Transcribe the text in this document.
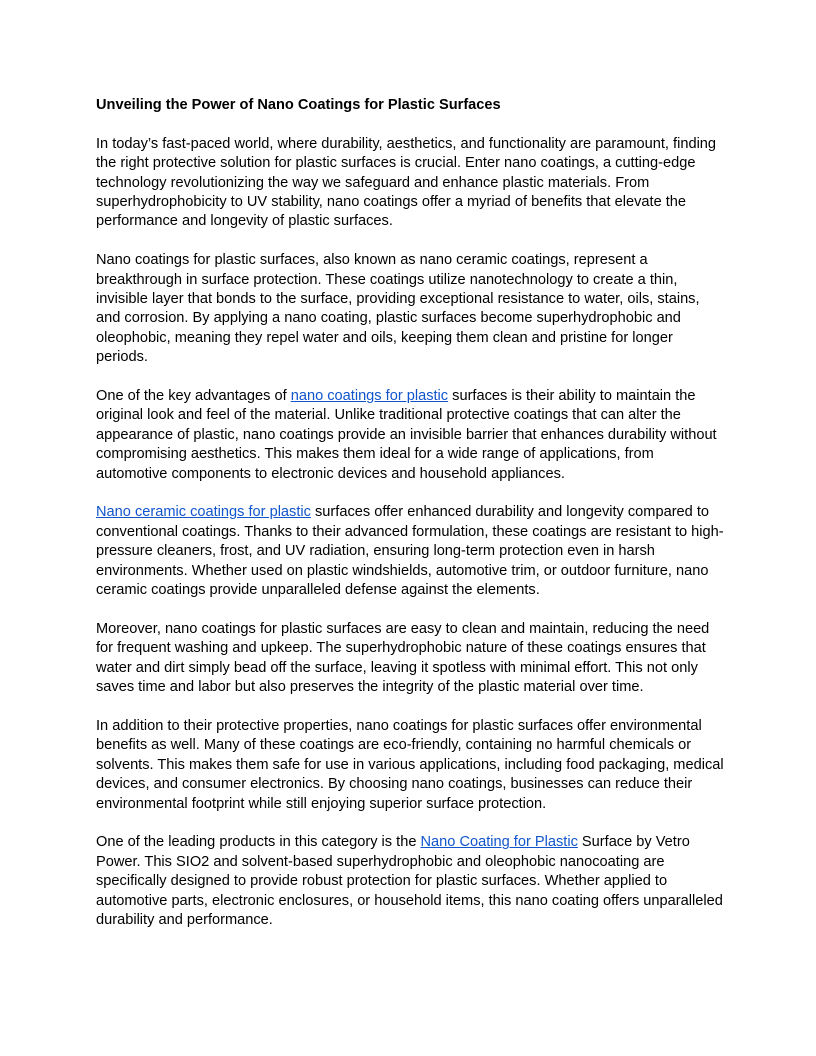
Unveiling the Power of Nano Coatings for Plastic Surfaces

In today’s fast-paced world, where durability, aesthetics, and functionality are paramount, finding the right protective solution for plastic surfaces is crucial. Enter nano coatings, a cutting-edge technology revolutionizing the way we safeguard and enhance plastic materials. From superhydrophobicity to UV stability, nano coatings offer a myriad of benefits that elevate the performance and longevity of plastic surfaces.

Nano coatings for plastic surfaces, also known as nano ceramic coatings, represent a breakthrough in surface protection. These coatings utilize nanotechnology to create a thin, invisible layer that bonds to the surface, providing exceptional resistance to water, oils, stains, and corrosion. By applying a nano coating, plastic surfaces become superhydrophobic and oleophobic, meaning they repel water and oils, keeping them clean and pristine for longer periods.

One of the key advantages of nano coatings for plastic surfaces is their ability to maintain the original look and feel of the material. Unlike traditional protective coatings that can alter the appearance of plastic, nano coatings provide an invisible barrier that enhances durability without compromising aesthetics. This makes them ideal for a wide range of applications, from automotive components to electronic devices and household appliances.

Nano ceramic coatings for plastic surfaces offer enhanced durability and longevity compared to conventional coatings. Thanks to their advanced formulation, these coatings are resistant to high-pressure cleaners, frost, and UV radiation, ensuring long-term protection even in harsh environments. Whether used on plastic windshields, automotive trim, or outdoor furniture, nano ceramic coatings provide unparalleled defense against the elements.

Moreover, nano coatings for plastic surfaces are easy to clean and maintain, reducing the need for frequent washing and upkeep. The superhydrophobic nature of these coatings ensures that water and dirt simply bead off the surface, leaving it spotless with minimal effort. This not only saves time and labor but also preserves the integrity of the plastic material over time.

In addition to their protective properties, nano coatings for plastic surfaces offer environmental benefits as well. Many of these coatings are eco-friendly, containing no harmful chemicals or solvents. This makes them safe for use in various applications, including food packaging, medical devices, and consumer electronics. By choosing nano coatings, businesses can reduce their environmental footprint while still enjoying superior surface protection.

One of the leading products in this category is the Nano Coating for Plastic Surface by Vetro Power. This SIO2 and solvent-based superhydrophobic and oleophobic nanocoating are specifically designed to provide robust protection for plastic surfaces. Whether applied to automotive parts, electronic enclosures, or household items, this nano coating offers unparalleled durability and performance.
